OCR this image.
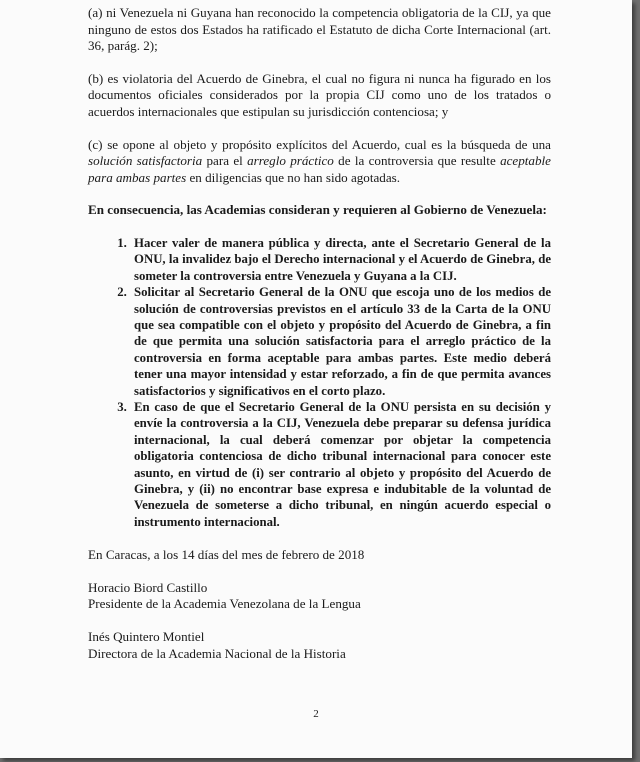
(a) ni Venezuela ni Guyana han reconocido la competencia obligatoria de la CIJ, ya que ninguno de estos dos Estados ha ratificado el Estatuto de dicha Corte Internacional (art. 36, parág. 2);

(b) es violatoria del Acuerdo de Ginebra, el cual no figura ni nunca ha figurado en los documentos oficiales considerados por la propia CIJ como uno de los tratados o acuerdos internacionales que estipulan su jurisdicción contenciosa; y

(c) se opone al objeto y propósito explícitos del Acuerdo, cual es la búsqueda de una solución satisfactoria para el arreglo práctico de la controversia que resulte aceptable para ambas partes en diligencias que no han sido agotadas.

En consecuencia, las Academias consideran y requieren al Gobierno de Venezuela:

1. Hacer valer de manera pública y directa, ante el Secretario General de la ONU, la invalidez bajo el Derecho internacional y el Acuerdo de Ginebra, de someter la controversia entre Venezuela y Guyana a la CIJ.
2. Solicitar al Secretario General de la ONU que escoja uno de los medios de solución de controversias previstos en el artículo 33 de la Carta de la ONU que sea compatible con el objeto y propósito del Acuerdo de Ginebra, a fin de que permita una solución satisfactoria para el arreglo práctico de la controversia en forma aceptable para ambas partes. Este medio deberá tener una mayor intensidad y estar reforzado, a fin de que permita avances satisfactorios y significativos en el corto plazo.
3. En caso de que el Secretario General de la ONU persista en su decisión y envíe la controversia a la CIJ, Venezuela debe preparar su defensa jurídica internacional, la cual deberá comenzar por objetar la competencia obligatoria contenciosa de dicho tribunal internacional para conocer este asunto, en virtud de (i) ser contrario al objeto y propósito del Acuerdo de Ginebra, y (ii) no encontrar base expresa e indubitable de la voluntad de Venezuela de someterse a dicho tribunal, en ningún acuerdo especial o instrumento internacional.

En Caracas, a los 14 días del mes de febrero de 2018

Horacio Biord Castillo
Presidente de la Academia Venezolana de la Lengua
Inés Quintero Montiel
Directora de la Academia Nacional de la Historia
2
